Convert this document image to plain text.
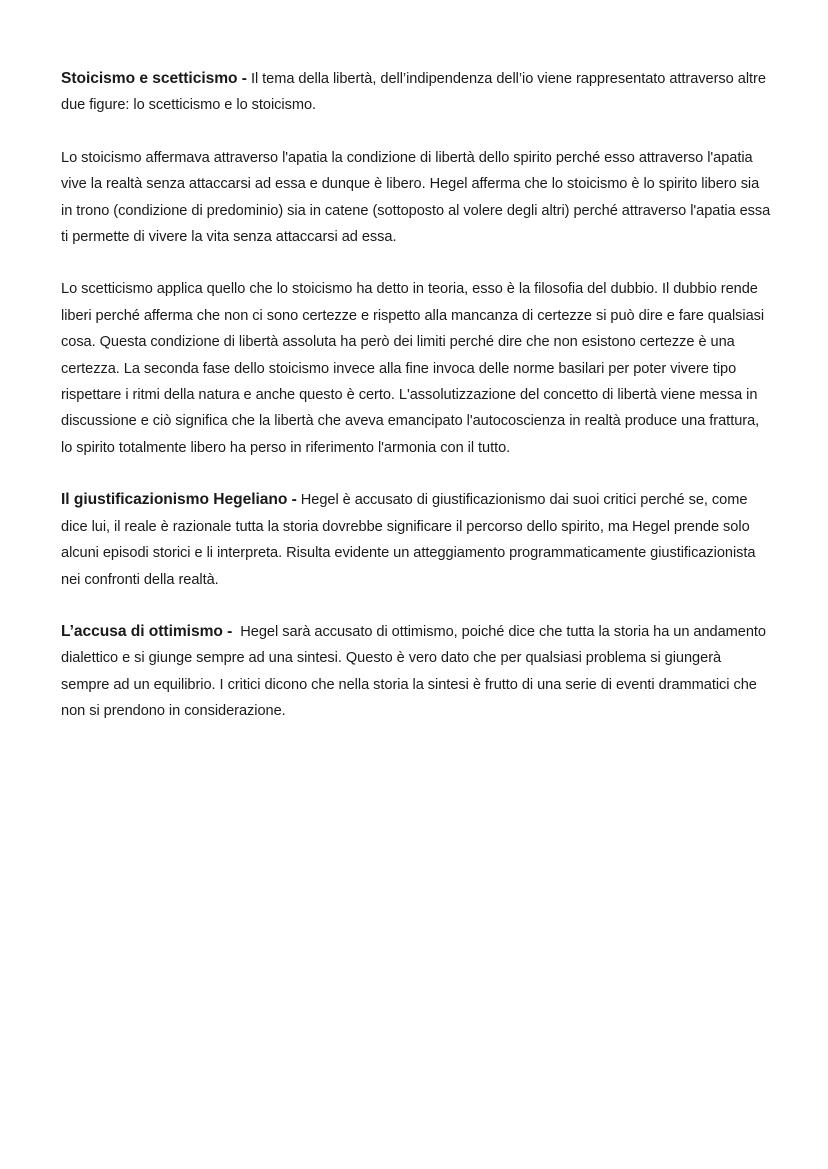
Stoicismo e scetticismo - Il tema della libertà, dell’indipendenza dell’io viene rappresentato attraverso altre due figure: lo scetticismo e lo stoicismo.

Lo stoicismo affermava attraverso l'apatia la condizione di libertà dello spirito perché esso attraverso l'apatia vive la realtà senza attaccarsi ad essa e dunque è libero. Hegel afferma che lo stoicismo è lo spirito libero sia in trono (condizione di predominio) sia in catene (sottoposto al volere degli altri) perché attraverso l'apatia essa ti permette di vivere la vita senza attaccarsi ad essa.

Lo scetticismo applica quello che lo stoicismo ha detto in teoria, esso è la filosofia del dubbio. Il dubbio rende liberi perché afferma che non ci sono certezze e rispetto alla mancanza di certezze si può dire e fare qualsiasi cosa. Questa condizione di libertà assoluta ha però dei limiti perché dire che non esistono certezze è una certezza. La seconda fase dello stoicismo invece alla fine invoca delle norme basilari per poter vivere tipo rispettare i ritmi della natura e anche questo è certo. L'assolutizzazione del concetto di libertà viene messa in discussione e ciò significa che la libertà che aveva emancipato l'autocoscienza in realtà produce una frattura, lo spirito totalmente libero ha perso in riferimento l'armonia con il tutto.

Il giustificazionismo Hegeliano - Hegel è accusato di giustificazionismo dai suoi critici perché se, come dice lui, il reale è razionale tutta la storia dovrebbe significare il percorso dello spirito, ma Hegel prende solo alcuni episodi storici e li interpreta. Risulta evidente un atteggiamento programmaticamente giustificazionista nei confronti della realtà.

L’accusa di ottimismo -  Hegel sarà accusato di ottimismo, poiché dice che tutta la storia ha un andamento dialettico e si giunge sempre ad una sintesi. Questo è vero dato che per qualsiasi problema si giungerà sempre ad un equilibrio. I critici dicono che nella storia la sintesi è frutto di una serie di eventi drammatici che non si prendono in considerazione.
